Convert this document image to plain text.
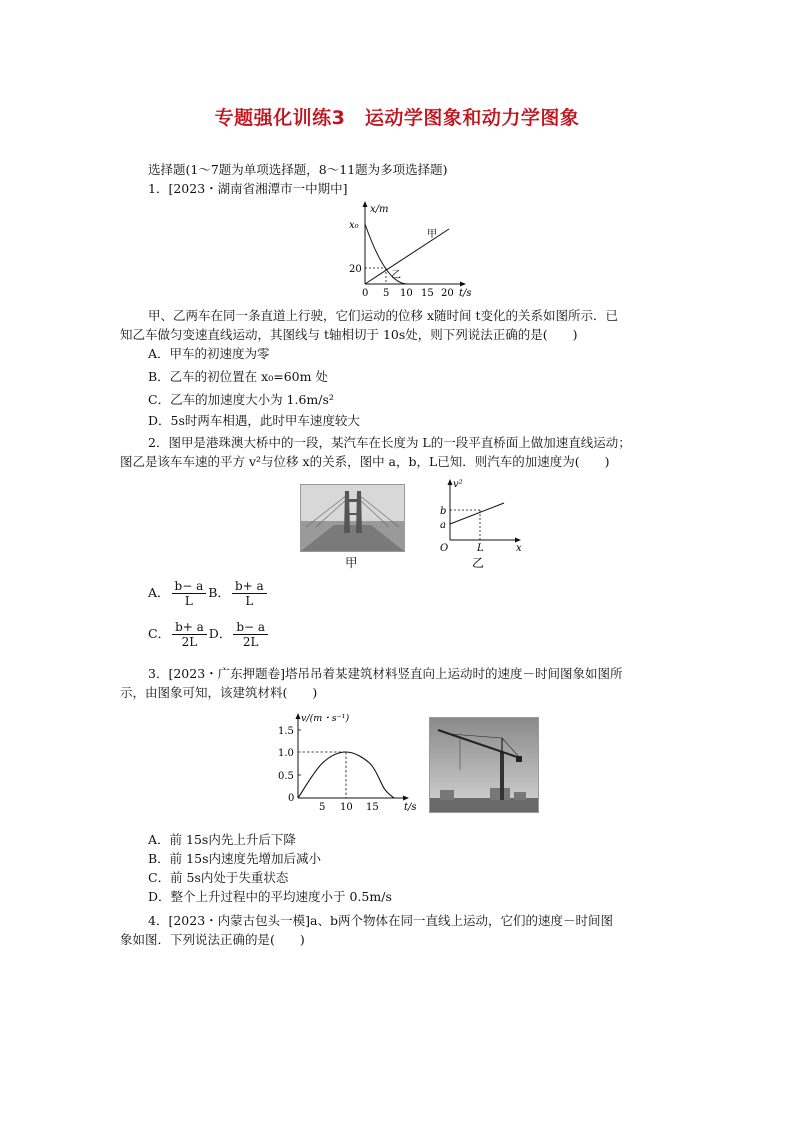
专题强化训练3　运动学图象和动力学图象
选择题(1～7题为单项选择题，8～11题为多项选择题)
1．[2023・湖南省湘潭市一中期中]
x/m
x₀
20
甲
乙
0 5 10 15 20 t/s
甲、乙两车在同一条直道上行驶，它们运动的位移 x随时间 t变化的关系如图所示．已
知乙车做匀变速直线运动，其图线与 t轴相切于 10s处，则下列说法正确的是(　　)
A．甲车的初速度为零
B．乙车的初位置在 x₀=60m 处
C．乙车的加速度大小为 1.6m/s²
D．5s时两车相遇，此时甲车速度较大
2．图甲是港珠澳大桥中的一段，某汽车在长度为 L的一段平直桥面上做加速直线运动；
图乙是该车车速的平方 v²与位移 x的关系，图中 a，b，L已知．则汽车的加速度为(　　)
甲
v²
b
a
O	L	x
乙
A． $\frac{b- a}{L}$ B． $\frac{b+ a}{L}$
C． $\frac{b+ a}{2L}$ D． $\frac{b- a}{2L}$
3．[2023・广东押题卷]塔吊吊着某建筑材料竖直向上运动时的速度－时间图象如图所
示，由图象可知，该建筑材料(　　)
v/(m・s⁻¹)
1.5
1.0
0.5
0
5 10 15	t/s
A．前 15s内先上升后下降
B．前 15s内速度先增加后减小
C．前 5s内处于失重状态
D．整个上升过程中的平均速度小于 0.5m/s
4．[2023・内蒙古包头一模]a、b两个物体在同一直线上运动，它们的速度－时间图
象如图．下列说法正确的是(　　)
